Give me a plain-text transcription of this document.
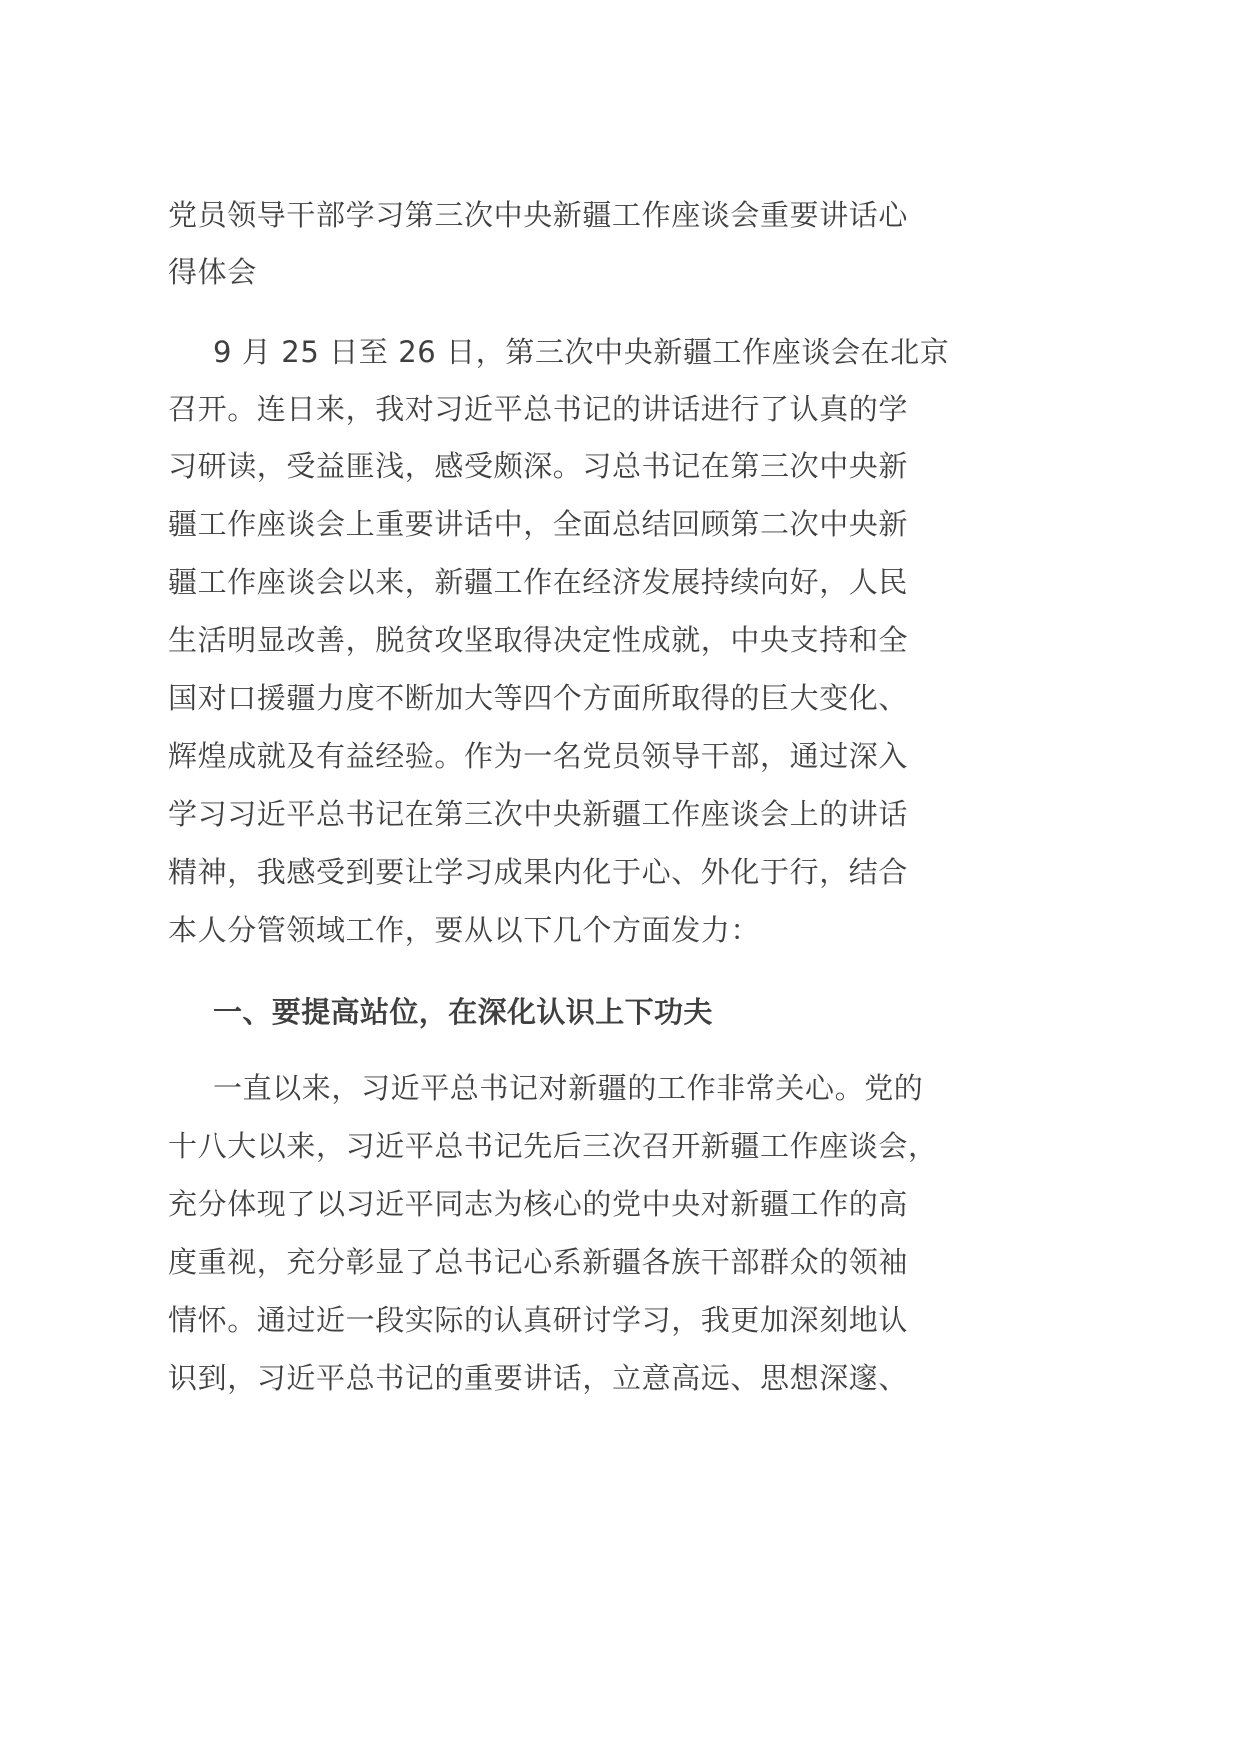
党员领导干部学习第三次中央新疆工作座谈会重要讲话心
得体会
9 月 25 日至 26 日，第三次中央新疆工作座谈会在北京
召开。连日来，我对习近平总书记的讲话进行了认真的学
习研读，受益匪浅，感受颇深。习总书记在第三次中央新
疆工作座谈会上重要讲话中，全面总结回顾第二次中央新
疆工作座谈会以来，新疆工作在经济发展持续向好，人民
生活明显改善，脱贫攻坚取得决定性成就，中央支持和全
国对口援疆力度不断加大等四个方面所取得的巨大变化、
辉煌成就及有益经验。作为一名党员领导干部，通过深入
学习习近平总书记在第三次中央新疆工作座谈会上的讲话
精神，我感受到要让学习成果内化于心、外化于行，结合
本人分管领域工作，要从以下几个方面发力：
一、要提高站位，在深化认识上下功夫
一直以来，习近平总书记对新疆的工作非常关心。党的
十八大以来，习近平总书记先后三次召开新疆工作座谈会，
充分体现了以习近平同志为核心的党中央对新疆工作的高
度重视，充分彰显了总书记心系新疆各族干部群众的领袖
情怀。通过近一段实际的认真研讨学习，我更加深刻地认
识到，习近平总书记的重要讲话，立意高远、思想深邃、
